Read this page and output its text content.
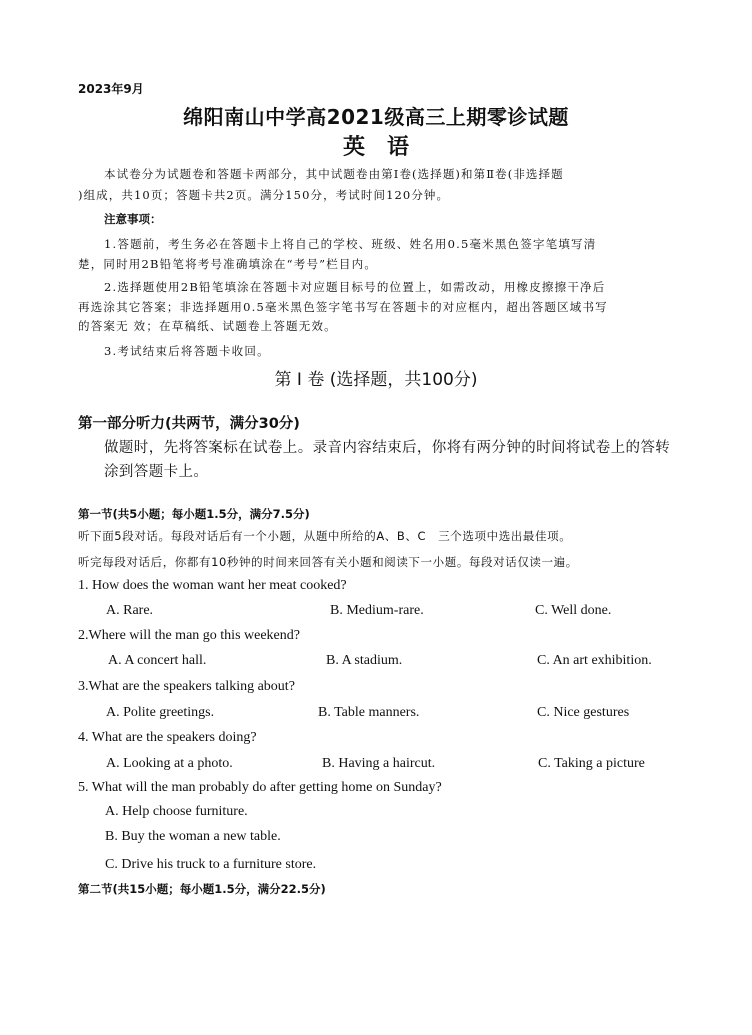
2023年9月
绵阳南山中学高2021级高三上期零诊试题
英　语
本试卷分为试题卷和答题卡两部分，其中试题卷由第Ⅰ卷(选择题)和第Ⅱ卷(非选择题
)组成，共10页；答题卡共2页。满分150分，考试时间120分钟。
注意事项：
1.答题前，考生务必在答题卡上将自己的学校、班级、姓名用0.5毫米黑色签字笔填写清
楚，同时用2B铅笔将考号准确填涂在“考号”栏目内。
2.选择题使用2B铅笔填涂在答题卡对应题目标号的位置上，如需改动，用橡皮擦擦干净后
再选涂其它答案；非选择题用0.5毫米黑色签字笔书写在答题卡的对应框内，超出答题区域书写
的答案无 效；在草稿纸、试题卷上答题无效。
3.考试结束后将答题卡收回。
第 I 卷 (选择题，共100分)
第一部分听力(共两节，满分30分)
做题时，先将答案标在试卷上。录音内容结束后，你将有两分钟的时间将试卷上的答转
涂到答题卡上。
第一节(共5小题；每小题1.5分，满分7.5分)
听下面5段对话。每段对话后有一个小题，从题中所给的A、B、C　三个选项中选出最佳项。
听完每段对话后，你都有10秒钟的时间来回答有关小题和阅读下一小题。每段对话仅读一遍。
1. How does the woman want her meat cooked?
A. Rare.	B. Medium-rare.	C. Well done.
2.Where will the man go this weekend?
A. A concert hall.	B. A stadium.	C. An art exhibition.
3.What are the speakers talking about?
A. Polite greetings.	B. Table manners.	C. Nice gestures
4. What are the speakers doing?
A. Looking at a photo.	B. Having a haircut.	C. Taking a picture
5. What will the man probably do after getting home on Sunday?
A. Help choose furniture.
B. Buy the woman a new table.
C. Drive his truck to a furniture store.
第二节(共15小题；每小题1.5分，满分22.5分)
